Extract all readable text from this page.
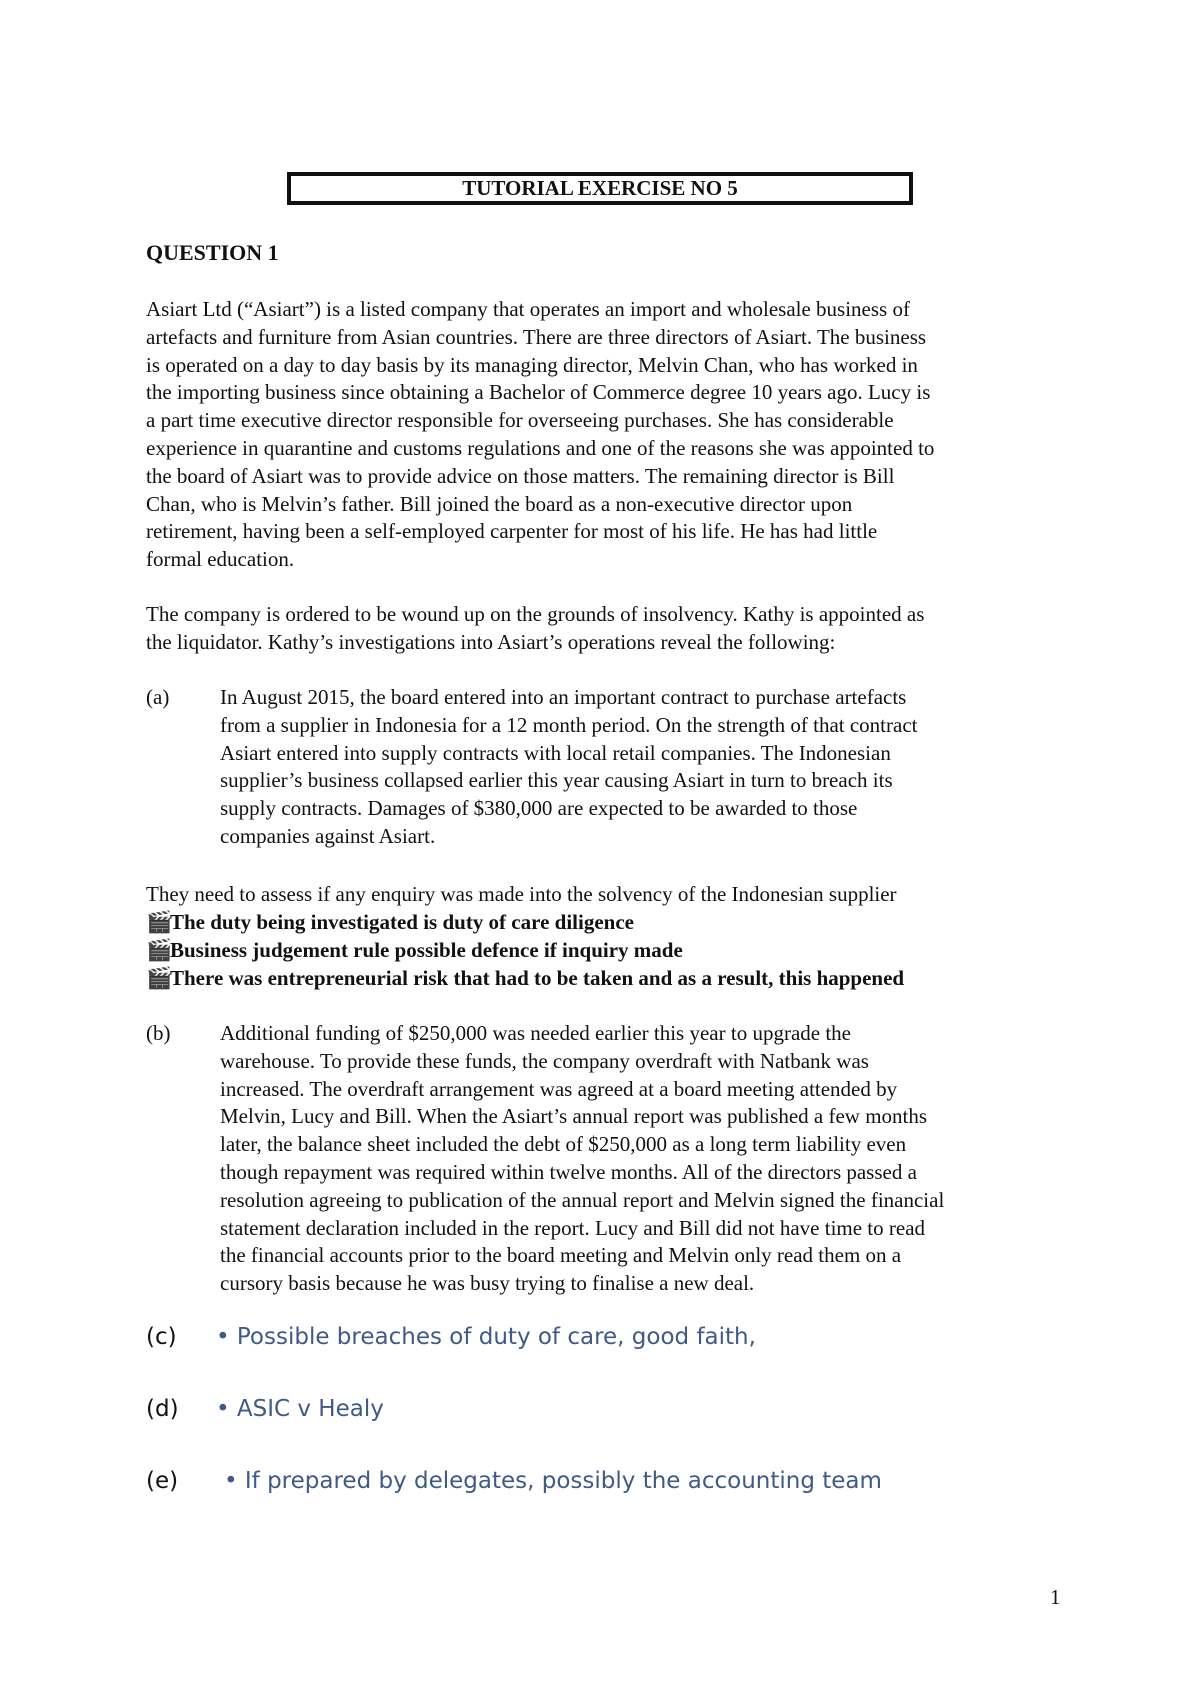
TUTORIAL EXERCISE NO 5
QUESTION 1
Asiart Ltd (“Asiart”) is a listed company that operates an import and wholesale business of
artefacts and furniture from Asian countries. There are three directors of Asiart. The business
is operated on a day to day basis by its managing director, Melvin Chan, who has worked in
the importing business since obtaining a Bachelor of Commerce degree 10 years ago. Lucy is
a part time executive director responsible for overseeing purchases. She has considerable
experience in quarantine and customs regulations and one of the reasons she was appointed to
the board of Asiart was to provide advice on those matters. The remaining director is Bill
Chan, who is Melvin’s father. Bill joined the board as a non-executive director upon
retirement, having been a self-employed carpenter for most of his life. He has had little
formal education.
The company is ordered to be wound up on the grounds of insolvency. Kathy is appointed as
the liquidator. Kathy’s investigations into Asiart’s operations reveal the following:
(a) In August 2015, the board entered into an important contract to purchase artefacts
from a supplier in Indonesia for a 12 month period. On the strength of that contract
Asiart entered into supply contracts with local retail companies. The Indonesian
supplier’s business collapsed earlier this year causing Asiart in turn to breach its
supply contracts. Damages of $380,000 are expected to be awarded to those
companies against Asiart.
They need to assess if any enquiry was made into the solvency of the Indonesian supplier
🎬The duty being investigated is duty of care diligence
🎬Business judgement rule possible defence if inquiry made
🎬There was entrepreneurial risk that had to be taken and as a result, this happened
(b) Additional funding of $250,000 was needed earlier this year to upgrade the
warehouse. To provide these funds, the company overdraft with Natbank was
increased. The overdraft arrangement was agreed at a board meeting attended by
Melvin, Lucy and Bill. When the Asiart’s annual report was published a few months
later, the balance sheet included the debt of $250,000 as a long term liability even
though repayment was required within twelve months. All of the directors passed a
resolution agreeing to publication of the annual report and Melvin signed the financial
statement declaration included in the report. Lucy and Bill did not have time to read
the financial accounts prior to the board meeting and Melvin only read them on a
cursory basis because he was busy trying to finalise a new deal.
(c) • Possible breaches of duty of care, good faith,
(d) • ASIC v Healy
(e) • If prepared by delegates, possibly the accounting team
1
